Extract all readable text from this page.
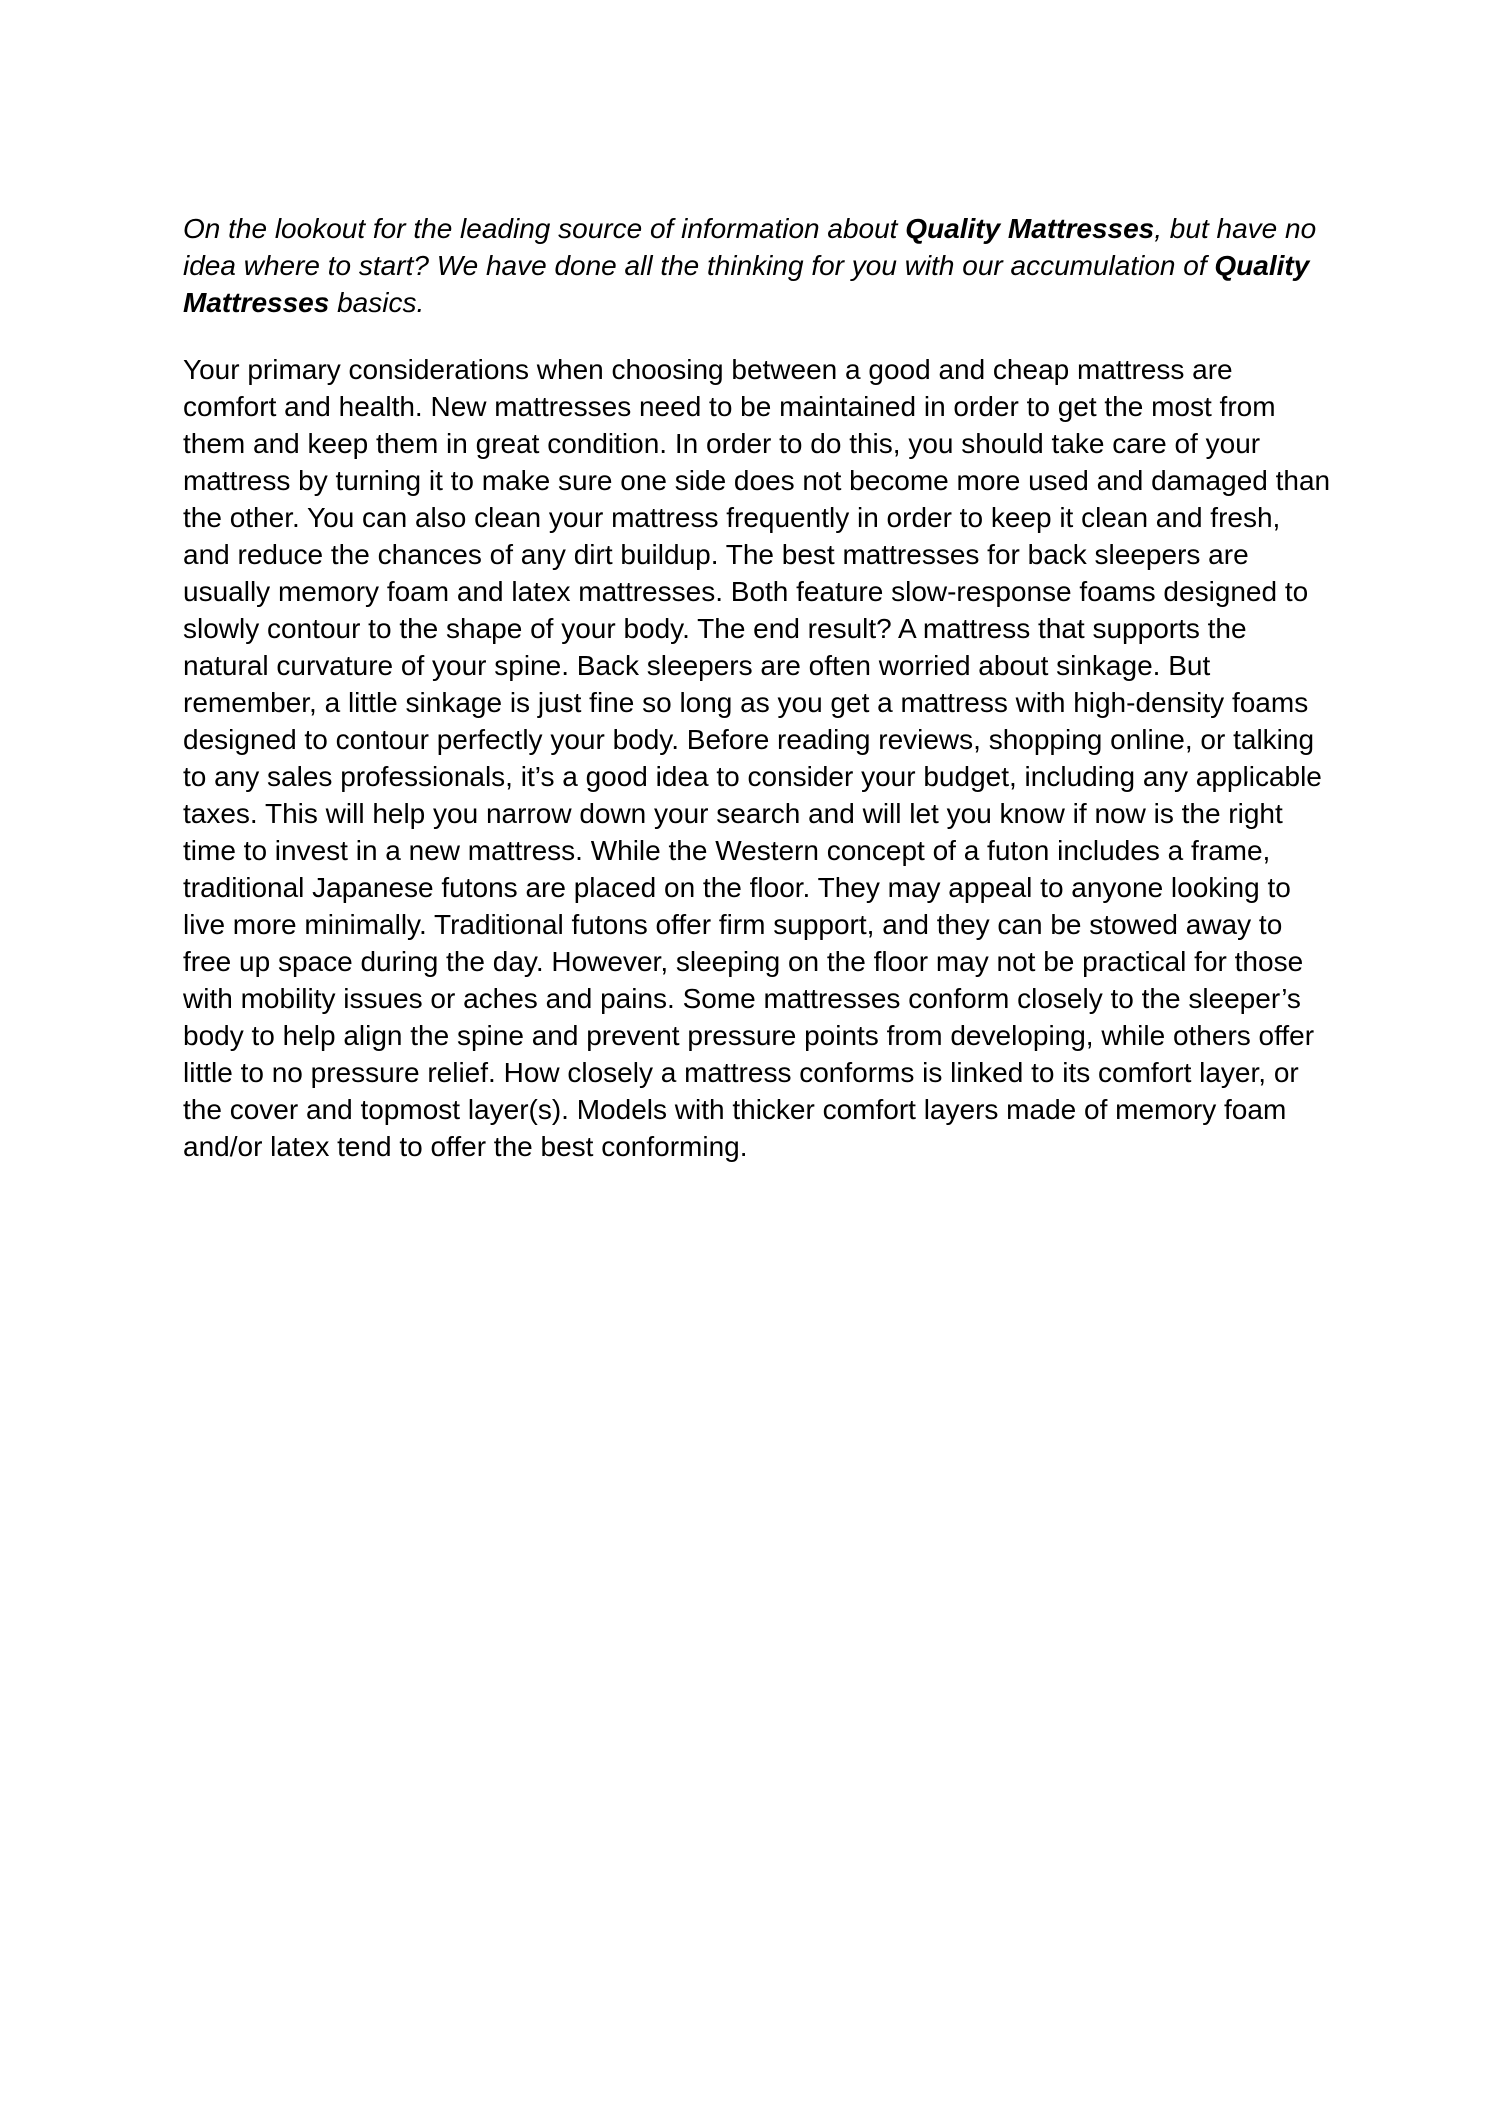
On the lookout for the leading source of information about Quality Mattresses, but have no idea where to start? We have done all the thinking for you with our accumulation of Quality Mattresses basics.

Your primary considerations when choosing between a good and cheap mattress are comfort and health. New mattresses need to be maintained in order to get the most from them and keep them in great condition. In order to do this, you should take care of your mattress by turning it to make sure one side does not become more used and damaged than the other. You can also clean your mattress frequently in order to keep it clean and fresh, and reduce the chances of any dirt buildup. The best mattresses for back sleepers are usually memory foam and latex mattresses. Both feature slow-response foams designed to slowly contour to the shape of your body. The end result? A mattress that supports the natural curvature of your spine. Back sleepers are often worried about sinkage. But remember, a little sinkage is just fine so long as you get a mattress with high-density foams designed to contour perfectly your body. Before reading reviews, shopping online, or talking to any sales professionals, it’s a good idea to consider your budget, including any applicable taxes. This will help you narrow down your search and will let you know if now is the right time to invest in a new mattress. While the Western concept of a futon includes a frame, traditional Japanese futons are placed on the floor. They may appeal to anyone looking to live more minimally. Traditional futons offer firm support, and they can be stowed away to free up space during the day. However, sleeping on the floor may not be practical for those with mobility issues or aches and pains. Some mattresses conform closely to the sleeper’s body to help align the spine and prevent pressure points from developing, while others offer little to no pressure relief. How closely a mattress conforms is linked to its comfort layer, or the cover and topmost layer(s). Models with thicker comfort layers made of memory foam and/or latex tend to offer the best conforming.
